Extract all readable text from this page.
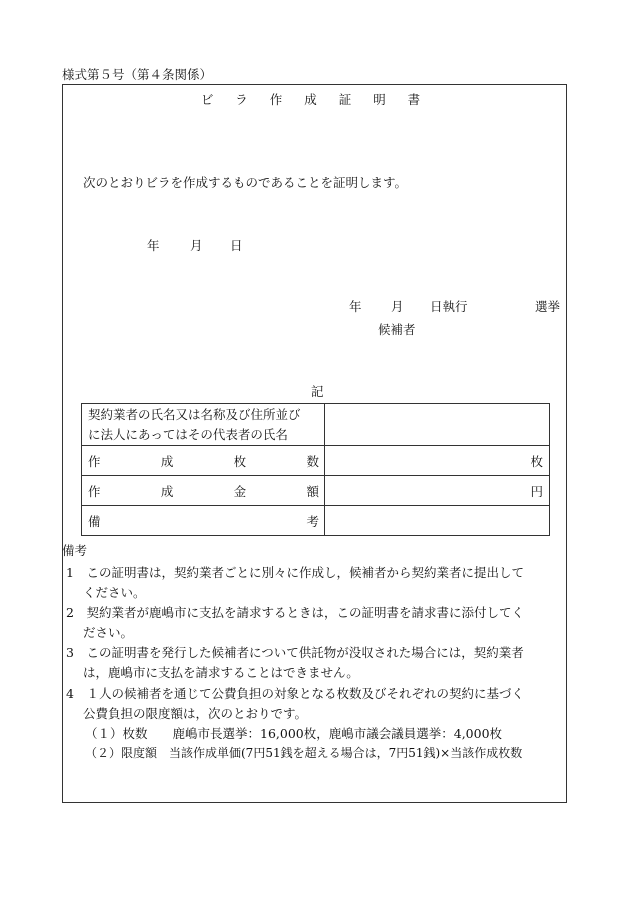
様式第５号（第４条関係）
ビ ラ 作 成 証 明 書
次のとおりビラを作成するものであることを証明します。
年 月 日
年 月 日執行	選挙
候補者
記
契約業者の氏名又は名称及び住所並び
に法人にあってはその代表者の氏名	

作 成 枚 数	枚

作 成 金 額	円

備 考	

備考
1　この証明書は，契約業者ごとに別々に作成し，候補者から契約業者に提出して
ください。
2　契約業者が鹿嶋市に支払を請求するときは，この証明書を請求書に添付してく
ださい。
3　この証明書を発行した候補者について供託物が没収された場合には，契約業者
は，鹿嶋市に支払を請求することはできません。
4　１人の候補者を通じて公費負担の対象となる枚数及びそれぞれの契約に基づく
公費負担の限度額は，次のとおりです。
（１）枚数　　鹿嶋市長選挙：16,000枚，鹿嶋市議会議員選挙：4,000枚
（２）限度額　当該作成単価(7円51銭を超える場合は，7円51銭)×当該作成枚数
